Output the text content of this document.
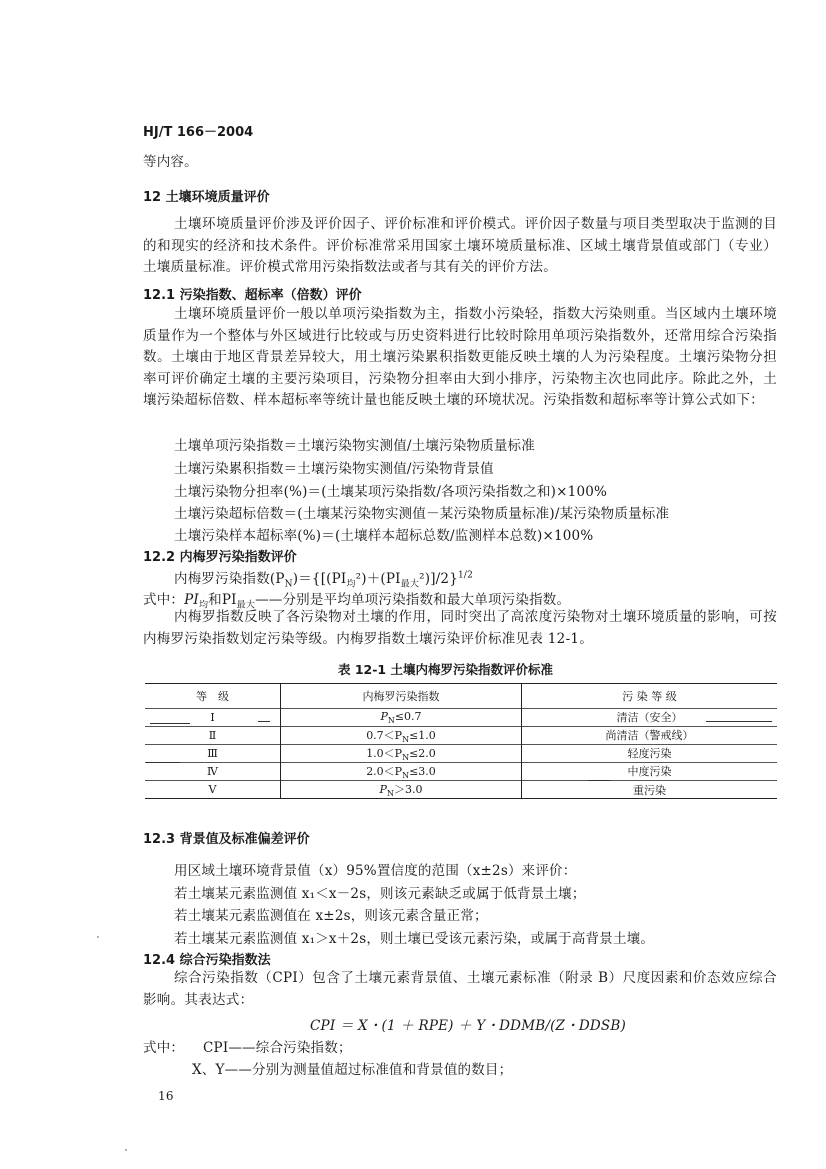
HJ/T 166－2004
等内容。
12 土壤环境质量评价
土壤环境质量评价涉及评价因子、评价标准和评价模式。评价因子数量与项目类型取决于监测的目的和现实的经济和技术条件。评价标准常采用国家土壤环境质量标准、区域土壤背景值或部门（专业）土壤质量标准。评价模式常用污染指数法或者与其有关的评价方法。
12.1 污染指数、超标率（倍数）评价
土壤环境质量评价一般以单项污染指数为主，指数小污染轻，指数大污染则重。当区域内土壤环境质量作为一个整体与外区域进行比较或与历史资料进行比较时除用单项污染指数外，还常用综合污染指数。土壤由于地区背景差异较大，用土壤污染累积指数更能反映土壤的人为污染程度。土壤污染物分担率可评价确定土壤的主要污染项目，污染物分担率由大到小排序，污染物主次也同此序。除此之外，土壤污染超标倍数、样本超标率等统计量也能反映土壤的环境状况。污染指数和超标率等计算公式如下：
土壤单项污染指数＝土壤污染物实测值/土壤污染物质量标准
土壤污染累积指数＝土壤污染物实测值/污染物背景值
土壤污染物分担率(%)＝(土壤某项污染指数/各项污染指数之和)×100%
土壤污染超标倍数＝(土壤某污染物实测值－某污染物质量标准)/某污染物质量标准
土壤污染样本超标率(%)＝(土壤样本超标总数/监测样本总数)×100%
12.2 内梅罗污染指数评价
内梅罗污染指数$(P_N)=\{[(PI_均^2)+(PI_{最大}^2)]/2\}^{1/2}$
式中：$PI_均$和$PI_{最大}——$分别是平均单项污染指数和最大单项污染指数。
内梅罗指数反映了各污染物对土壤的作用，同时突出了高浓度污染物对土壤环境质量的影响，可按内梅罗污染指数划定污染等级。内梅罗指数土壤污染评价标准见表 12-1。
表 12-1 土壤内梅罗污染指数评价标准
等　级	内梅罗污染指数	污 染 等 级
Ⅰ	$P_N\le 0.7$	清洁（安全）
Ⅱ	$0.7<P_N\le 1.0$	尚清洁（警戒线）
Ⅲ	$1.0<P_N\le 2.0$	轻度污染
Ⅳ	$2.0<P_N\le 3.0$	中度污染
Ⅴ	$P_N>3.0$	重污染
12.3 背景值及标准偏差评价
用区域土壤环境背景值（x）95%置信度的范围（x±2s）来评价：
若土壤某元素监测值 x₁＜x－2s，则该元素缺乏或属于低背景土壤；
若土壤某元素监测值在 x±2s，则该元素含量正常；
若土壤某元素监测值 x₁＞x＋2s，则土壤已受该元素污染，或属于高背景土壤。
12.4 综合污染指数法
综合污染指数（CPI）包含了土壤元素背景值、土壤元素标准（附录 B）尺度因素和价态效应综合影响。其表达式：
CPI ＝ X・(1 ＋ RPE) ＋ Y・DDMB/(Z・DDSB)
式中： CPI——综合污染指数；
X、Y——分别为测量值超过标准值和背景值的数目；
16
